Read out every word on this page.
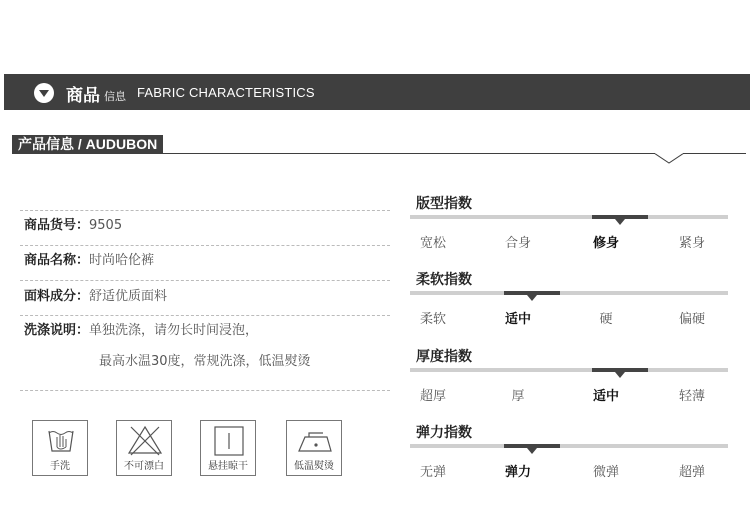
商品 信息 FABRIC CHARACTERISTICS
产品信息 / AUDUBON
商品货号：9505
商品名称：时尚哈伦裤
面料成分：舒适优质面料
洗涤说明：单独洗涤，请勿长时间浸泡，
最高水温30度，常规洗涤，低温熨烫
手洗	不可漂白	悬挂晾干	低温熨烫
版型指数
宽松	合身	修身	紧身
柔软指数
柔软	适中	硬	偏硬
厚度指数
超厚	厚	适中	轻薄
弹力指数
无弹	弹力	微弹	超弹
